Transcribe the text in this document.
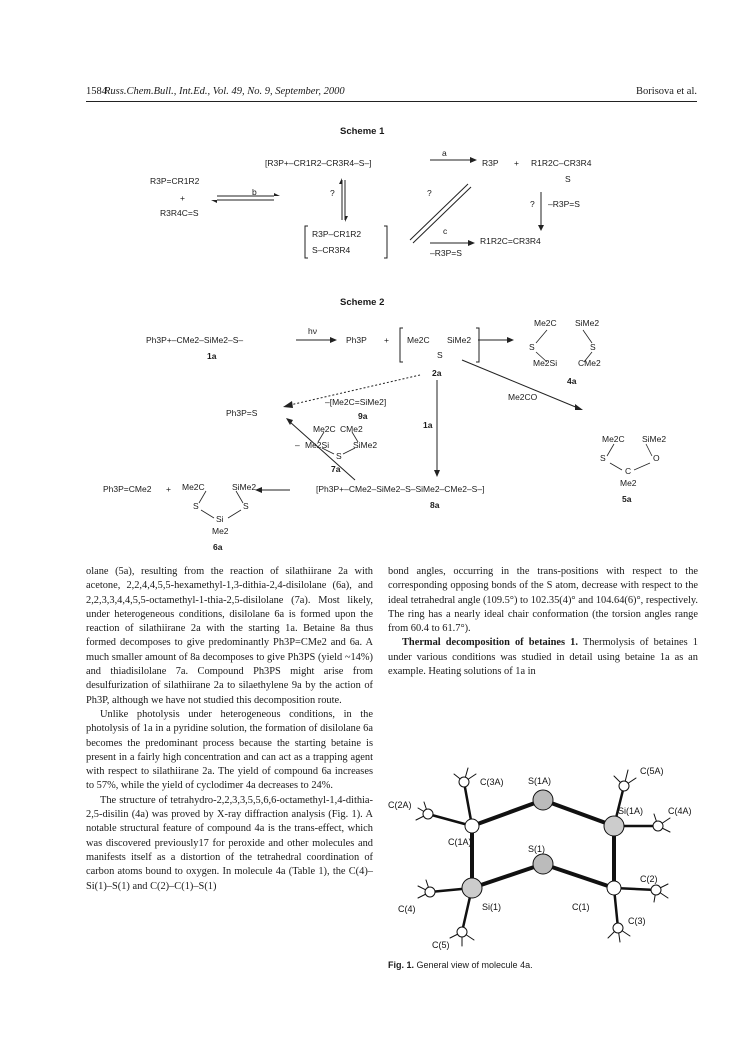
1584
Russ.Chem.Bull., Int.Ed., Vol. 49, No. 9, September, 2000	Borisova et al.
Scheme 1
R3P=CR1R2
+
R3R4C=S
[R3P+–CR1R2–CR3R4–S–]	R3P + R1R2C–CR3R4
S
R3P–CR1R2
S–CR3R4
R1R2C=CR3R4
a
b
c
?	?
? –R3P=S
–R3P=S
Scheme 2
Ph3P+–CMe2–SiMe2–S–
1a
hν
Ph3P + Me2C SiMe2
S
2a
Me2C SiMe2
S	S
Me2Si CMe2
4a
Me2CO
Me2C SiMe2
S	O
C
Me2
5a
–[Me2C=SiMe2]
9a
Ph3P=S
1a
Me2C CMe2
– Me2Si	SiMe2
S
7a
[Ph3P+–CMe2–SiMe2–S–SiMe2–CMe2–S–]
8a
Ph3P=CMe2 + Me2C	SiMe2
S	S
Si
Me2
6a

olane (5a), resulting from the reaction of silathiirane 2a with acetone, 2,2,4,4,5,5-hexamethyl-1,3-dithia-2,4-disilolane (6a), and 2,2,3,3,4,4,5,5-octamethyl-1-thia-2,5-disilolane (7a). Most likely, under heterogeneous conditions, disilolane 6a is formed upon the reaction of silathiirane 2a with the starting 1a. Betaine 8a thus formed decomposes to give predominantly Ph3P=CMe2 and 6a. A much smaller amount of 8a decomposes to give Ph3PS (yield ~14%) and thiadisilolane 7a. Compound Ph3PS might arise from desulfurization of silathiirane 2a to silaethylene 9a by the action of Ph3P, although we have not studied this decomposition route.

Unlike photolysis under heterogeneous conditions, in the photolysis of 1a in a pyridine solution, the formation of disilolane 6a becomes the predominant process because the starting betaine is present in a fairly high concentration and can act as a trapping agent with respect to silathiirane 2a. The yield of compound 6a increases to 57%, while the yield of cyclodimer 4a decreases to 24%.

The structure of tetrahydro-2,2,3,3,5,5,6,6-octamethyl-1,4-dithia-2,5-disilin (4a) was proved by X-ray diffraction analysis (Fig. 1). A notable structural feature of compound 4a is the trans-effect, which was discovered previously17 for peroxide and other molecules and manifests itself as a distortion of the tetrahedral coordination of carbon atoms bound to oxygen. In molecule 4a (Table 1), the C(4)–Si(1)–S(1) and C(2)–C(1)–S(1)

bond angles, occurring in the trans-positions with respect to the corresponding opposing bonds of the S atom, decrease with respect to the ideal tetrahedral angle (109.5°) to 102.35(4)° and 104.64(6)°, respectively. The ring has a nearly ideal chair conformation (the torsion angles range from 60.4 to 61.7°).

Thermal decomposition of betaines 1. Thermolysis of betaines 1 under various conditions was studied in detail using betaine 1a as an example. Heating solutions of 1a in

C(3A)
C(5A)
S(1A)
C(2A)
Si(1A)	C(4A)
C(1A)
S(1)
C(2)
C(4)	Si(1)	C(1)
C(5)
C(3)
Fig. 1. General view of molecule 4a.
